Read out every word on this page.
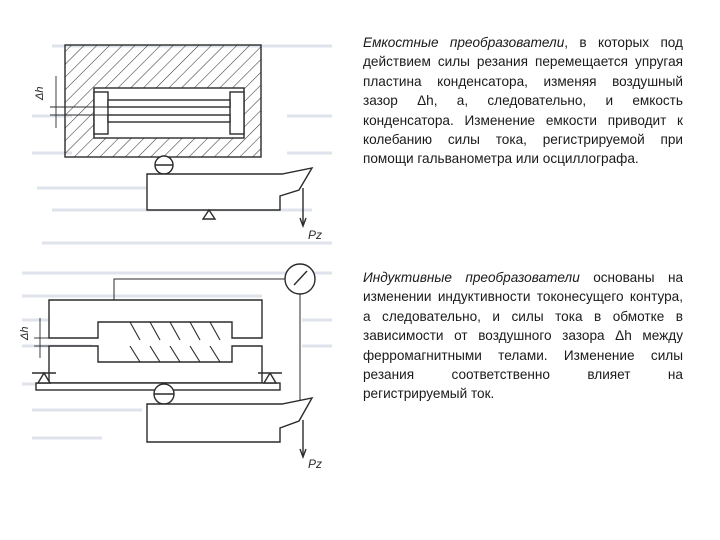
Δh
Pz
Δh
Pz

Емкостные преобразователи, в которых под действием силы резания перемещается упругая пластина конденсатора, изменяя воздушный зазор Δh, а, следовательно, и емкость конденсатора. Изменение емкости приводит к колебанию силы тока, регистрируемой при помощи гальванометра или осциллографа.

Индуктивные преобразователи основаны на изменении индуктивности токонесущего контура, а следовательно, и силы тока в обмотке в зависимости от воздушного зазора Δh между ферромагнитными телами. Изменение силы резания соответственно влияет на регистрируемый ток.
